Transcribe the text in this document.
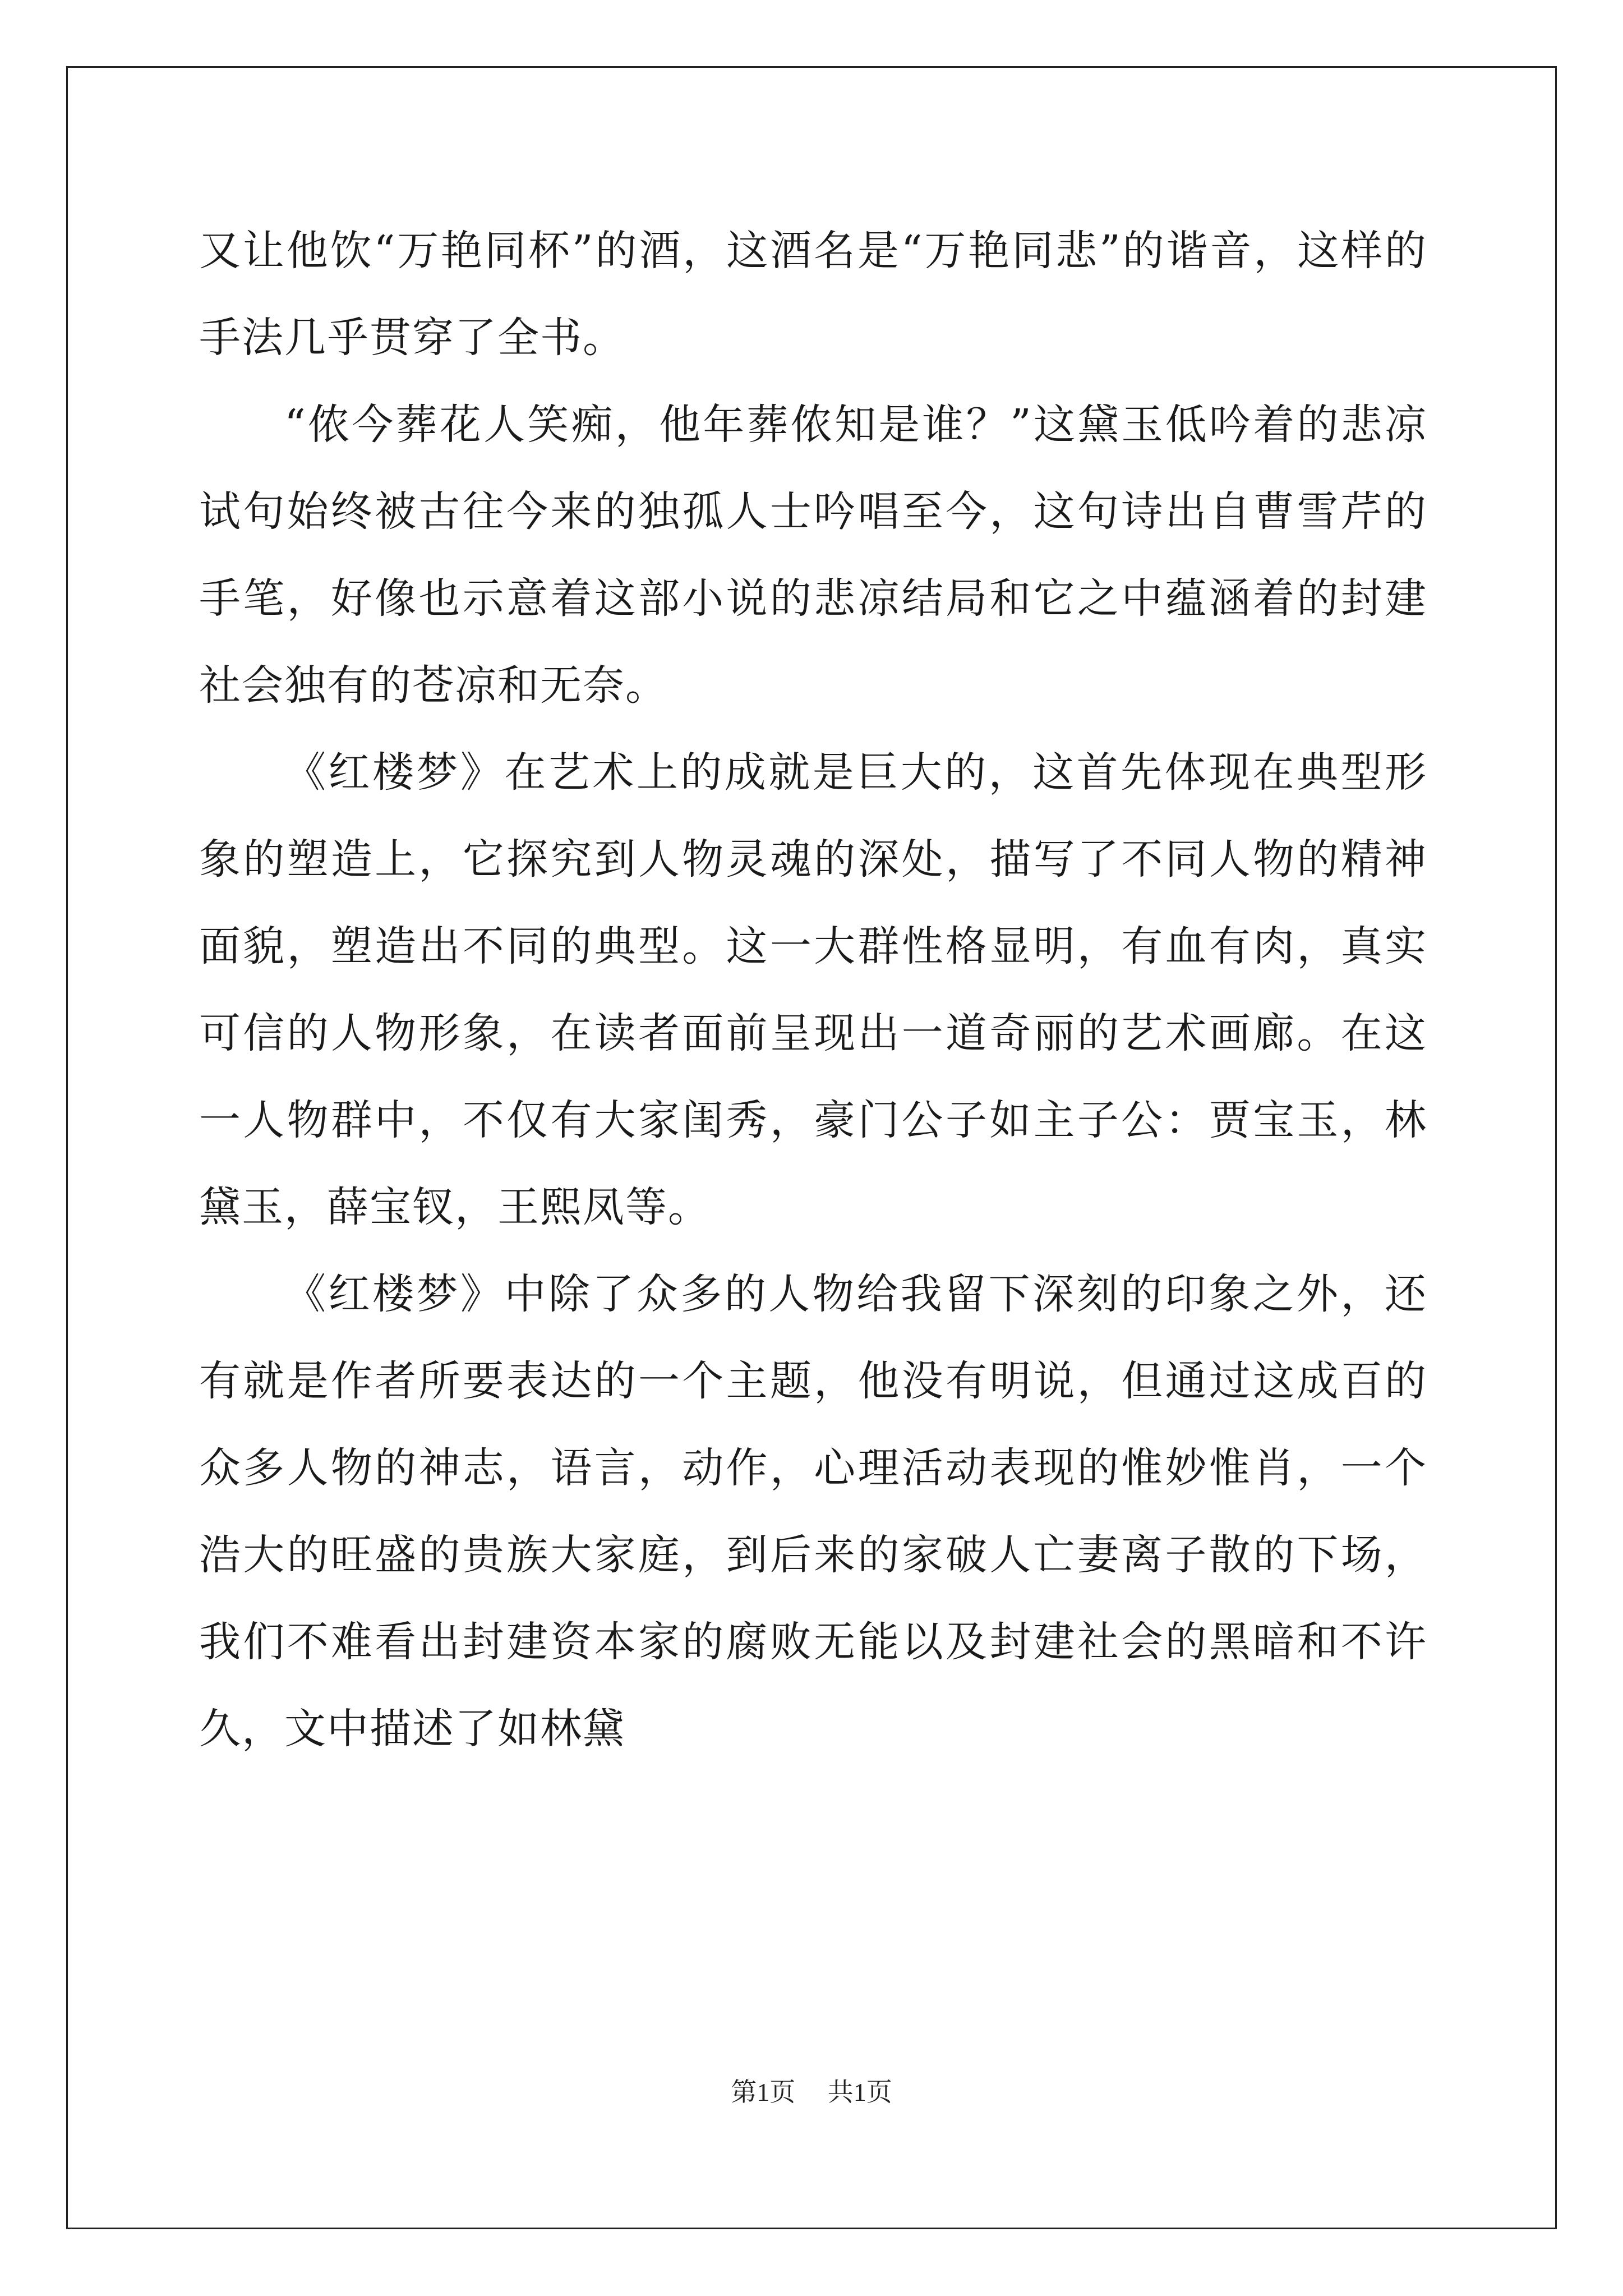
又让他饮“万艳同杯”的酒，这酒名是“万艳同悲”的谐音，这样的手法几乎贯穿了全书。

“侬今葬花人笑痴，他年葬侬知是谁？”这黛玉低吟着的悲凉试句始终被古往今来的独孤人士吟唱至今，这句诗出自曹雪芹的手笔，好像也示意着这部小说的悲凉结局和它之中蕴涵着的封建社会独有的苍凉和无奈。

《红楼梦》在艺术上的成就是巨大的，这首先体现在典型形象的塑造上，它探究到人物灵魂的深处，描写了不同人物的精神面貌，塑造出不同的典型。这一大群性格显明，有血有肉，真实可信的人物形象，在读者面前呈现出一道奇丽的艺术画廊。在这一人物群中，不仅有大家闺秀，豪门公子如主子公：贾宝玉，林黛玉，薛宝钗，王熙凤等。

《红楼梦》中除了众多的人物给我留下深刻的印象之外，还有就是作者所要表达的一个主题，他没有明说，但通过这成百的众多人物的神志，语言，动作，心理活动表现的惟妙惟肖，一个浩大的旺盛的贵族大家庭，到后来的家破人亡妻离子散的下场，我们不难看出封建资本家的腐败无能以及封建社会的黑暗和不许久，文中描述了如林黛

第1页 共1页
